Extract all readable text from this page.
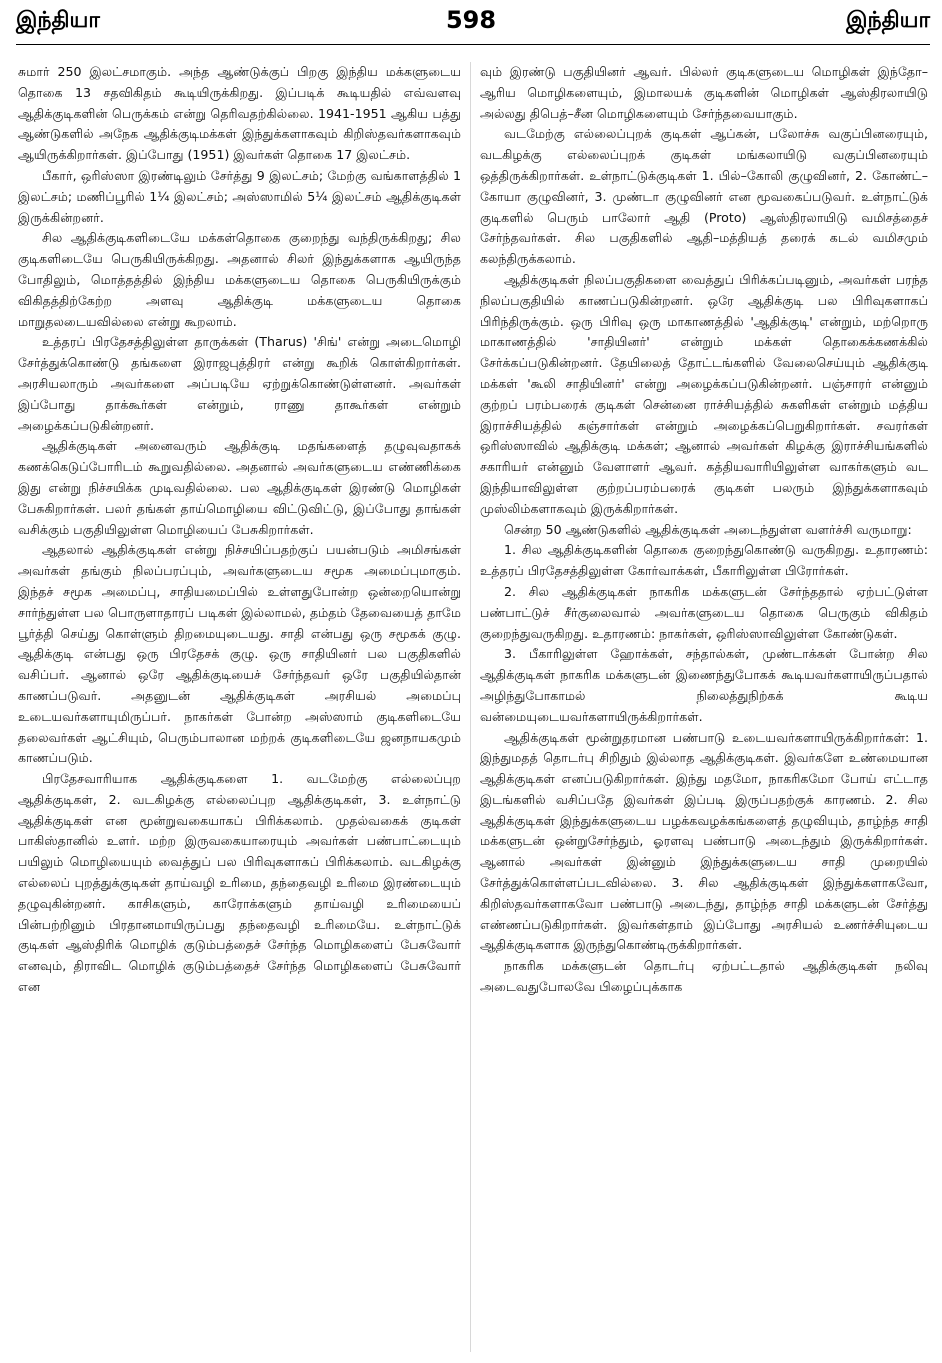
இந்தியா	598	இந்தியா

சுமார் 250 இலட்சமாகும். அந்த ஆண்டுக்குப் பிறகு இந்திய மக்களுடைய தொகை 13 சதவிகிதம் கூடியிருக்கிறது. இப்படிக் கூடியதில் எவ்வளவு ஆதிக்குடிகளின் பெருக்கம் என்று தெரிவதற்கில்லை. 1941-1951 ஆகிய பத்து ஆண்டுகளில் அநேக ஆதிக்குடிமக்கள் இந்துக்களாகவும் கிறிஸ்தவர்களாகவும் ஆயிருக்கிறார்கள். இப்போது (1951) இவர்கள் தொகை 17 இலட்சம்.

பீகார், ஒரிஸ்ஸா இரண்டிலும் சேர்த்து 9 இலட்சம்; மேற்கு வங்காளத்தில் 1 இலட்சம்; மணிப்பூரில் 1¼ இலட்சம்; அஸ்ஸாமில் 5¼ இலட்சம் ஆதிக்குடிகள் இருக்கின்றனர்.

சில ஆதிக்குடிகளிடையே மக்கள்தொகை குறைந்து வந்திருக்கிறது; சில குடிகளிடையே பெருகியிருக்கிறது. அதனால் சிலர் இந்துக்களாக ஆயிருந்த போதிலும், மொத்தத்தில் இந்திய மக்களுடைய தொகை பெருகியிருக்கும் விகிதத்திற்கேற்ற அளவு ஆதிக்குடி மக்களுடைய தொகை மாறுதலடையவில்லை என்று கூறலாம்.

உத்தரப் பிரதேசத்திலுள்ள தாருக்கள் (Tharus) 'சிங்' என்று அடைமொழி சேர்த்துக்கொண்டு தங்களை இராஜபுத்திரர் என்று கூறிக் கொள்கிறார்கள். அரசியலாரும் அவர்களை அப்படியே ஏற்றுக்கொண்டுள்ளனர். அவர்கள் இப்போது தாக்கூர்கள் என்றும், ராணு தாகூர்கள் என்றும் அழைக்கப்படுகின்றனர்.

ஆதிக்குடிகள் அனைவரும் ஆதிக்குடி மதங்களைத் தழுவுவதாகக் கணக்கெடுப்போரிடம் கூறுவதில்லை. அதனால் அவர்களுடைய எண்ணிக்கை இது என்று நிச்சயிக்க முடிவதில்லை. பல ஆதிக்குடிகள் இரண்டு மொழிகள் பேசுகிறார்கள். பலர் தங்கள் தாய்மொழியை விட்டுவிட்டு, இப்போது தாங்கள் வசிக்கும் பகுதியிலுள்ள மொழியைப் பேசுகிறார்கள்.

ஆதலால் ஆதிக்குடிகள் என்று நிச்சயிப்பதற்குப் பயன்படும் அமிசங்கள் அவர்கள் தங்கும் நிலப்பரப்பும், அவர்களுடைய சமூக அமைப்புமாகும். இந்தச் சமூக அமைப்பு, சாதியமைப்பில் உள்ளதுபோன்ற ஒன்றையொன்று சார்ந்துள்ள பல பொருளாதாரப் படிகள் இல்லாமல், தம்தம் தேவையைத் தாமே பூர்த்தி செய்து கொள்ளும் திறமையுடையது. சாதி என்பது ஒரு சமூகக் குழு. ஆதிக்குடி என்பது ஒரு பிரதேசக் குழு. ஒரு சாதியினர் பல பகுதிகளில் வசிப்பர். ஆனால் ஒரே ஆதிக்குடியைச் சேர்ந்தவர் ஒரே பகுதியில்தான் காணப்படுவர். அதனுடன் ஆதிக்குடிகள் அரசியல் அமைப்பு உடையவர்களாயுமிருப்பர். நாகர்கள் போன்ற அஸ்ஸாம் குடிகளிடையே தலைவர்கள் ஆட்சியும், பெரும்பாலான மற்றக் குடிகளிடையே ஜனநாயகமும் காணப்படும்.

பிரதேசவாரியாக ஆதிக்குடிகளை 1. வடமேற்கு எல்லைப்புற ஆதிக்குடிகள், 2. வடகிழக்கு எல்லைப்புற ஆதிக்குடிகள், 3. உள்நாட்டு ஆதிக்குடிகள் என மூன்றுவகையாகப் பிரிக்கலாம். முதல்வகைக் குடிகள் பாகிஸ்தானில் உளர். மற்ற இருவகையாரையும் அவர்கள் பண்பாட்டையும் பயிலும் மொழியையும் வைத்துப் பல பிரிவுகளாகப் பிரிக்கலாம். வடகிழக்கு எல்லைப் புறத்துக்குடிகள் தாய்வழி உரிமை, தந்தைவழி உரிமை இரண்டையும் தழுவுகின்றனர். காசிகளும், காரோக்களும் தாய்வழி உரிமையைப் பின்பற்றினும் பிரதானமாயிருப்பது தந்தைவழி உரிமையே. உள்நாட்டுக் குடிகள் ஆஸ்திரிக் மொழிக் குடும்பத்தைச் சேர்ந்த மொழிகளைப் பேசுவோர் எனவும், திராவிட மொழிக் குடும்பத்தைச் சேர்ந்த மொழிகளைப் பேசுவோர் என

வும் இரண்டு பகுதியினர் ஆவர். பில்லர் குடிகளுடைய மொழிகள் இந்தோ–ஆரிய மொழிகளையும், இமாலயக் குடிகளின் மொழிகள் ஆஸ்திரலாயிடு அல்லது திபெத்–சீன மொழிகளையும் சேர்ந்தவையாகும்.

வடமேற்கு எல்லைப்புறக் குடிகள் ஆப்கன், பலோச்சு வகுப்பினரையும், வடகிழக்கு எல்லைப்புறக் குடிகள் மங்கலாயிடு வகுப்பினரையும் ஒத்திருக்கிறார்கள். உள்நாட்டுக்குடிகள் 1. பில்–கோலி குழுவினர், 2. கோண்ட்–கோயா குழுவினர், 3. முண்டா குழுவினர் என மூவகைப்படுவர். உள்நாட்டுக் குடிகளில் பெரும் பாலோர் ஆதி (Proto) ஆஸ்திரலாயிடு வமிசத்தைச் சேர்ந்தவர்கள். சில பகுதிகளில் ஆதி–மத்தியத் தரைக் கடல் வமிசமும் கலந்திருக்கலாம்.

ஆதிக்குடிகள் நிலப்பகுதிகளை வைத்துப் பிரிக்கப்படினும், அவர்கள் பரந்த நிலப்பகுதியில் காணப்படுகின்றனர். ஒரே ஆதிக்குடி பல பிரிவுகளாகப் பிரிந்திருக்கும். ஒரு பிரிவு ஒரு மாகாணத்தில் 'ஆதிக்குடி' என்றும், மற்றொரு மாகாணத்தில் 'சாதியினர்' என்றும் மக்கள் தொகைக்கணக்கில் சேர்க்கப்படுகின்றனர். தேயிலைத் தோட்டங்களில் வேலைசெய்யும் ஆதிக்குடி மக்கள் 'கூலி சாதியினர்' என்று அழைக்கப்படுகின்றனர். பஞ்சாரர் என்னும் குற்றப் பரம்பரைக் குடிகள் சென்னை ராச்சியத்தில் சுகளிகள் என்றும் மத்திய இராச்சியத்தில் கஞ்சார்கள் என்றும் அழைக்கப்பெறுகிறார்கள். சவரர்கள் ஒரிஸ்ஸாவில் ஆதிக்குடி மக்கள்; ஆனால் அவர்கள் கிழக்கு இராச்சியங்களில் சகாரியர் என்னும் வேளாளர் ஆவர். கத்தியவாரியிலுள்ள வாகர்களும் வட இந்தியாவிலுள்ள குற்றப்பரம்பரைக் குடிகள் பலரும் இந்துக்களாகவும் முஸ்லிம்களாகவும் இருக்கிறார்கள்.

சென்ற 50 ஆண்டுகளில் ஆதிக்குடிகள் அடைந்துள்ள வளர்ச்சி வருமாறு:

1. சில ஆதிக்குடிகளின் தொகை குறைந்துகொண்டு வருகிறது. உதாரணம்: உத்தரப் பிரதேசத்திலுள்ள கோர்வாக்கள், பீகாரிலுள்ள பிரோர்கள்.

2. சில ஆதிக்குடிகள் நாகரிக மக்களுடன் சேர்ந்ததால் ஏற்பட்டுள்ள பண்பாட்டுச் சீர்குலைவால் அவர்களுடைய தொகை பெருகும் விகிதம் குறைந்துவருகிறது. உதாரணம்: நாகர்கள், ஒரிஸ்ஸாவிலுள்ள கோண்டுகள்.

3. பீகாரிலுள்ள ஹோக்கள், சந்தால்கள், முண்டாக்கள் போன்ற சில ஆதிக்குடிகள் நாகரிக மக்களுடன் இணைந்துபோகக் கூடியவர்களாயிருப்பதால் அழிந்துபோகாமல் நிலைத்துநிற்கக் கூடிய வன்மையுடையவர்களாயிருக்கிறார்கள்.

ஆதிக்குடிகள் மூன்றுதரமான பண்பாடு உடையவர்களாயிருக்கிறார்கள்: 1. இந்துமதத் தொடர்பு சிறிதும் இல்லாத ஆதிக்குடிகள். இவர்களே உண்மையான ஆதிக்குடிகள் எனப்படுகிறார்கள். இந்து மதமோ, நாகரிகமோ போய் எட்டாத இடங்களில் வசிப்பதே இவர்கள் இப்படி இருப்பதற்குக் காரணம். 2. சில ஆதிக்குடிகள் இந்துக்களுடைய பழக்கவழக்கங்களைத் தழுவியும், தாழ்ந்த சாதி மக்களுடன் ஒன்றுசேர்ந்தும், ஓரளவு பண்பாடு அடைந்தும் இருக்கிறார்கள். ஆனால் அவர்கள் இன்னும் இந்துக்களுடைய சாதி முறையில் சேர்த்துக்கொள்ளப்படவில்லை. 3. சில ஆதிக்குடிகள் இந்துக்களாகவோ, கிறிஸ்தவர்களாகவோ பண்பாடு அடைந்து, தாழ்ந்த சாதி மக்களுடன் சேர்த்து எண்ணப்படுகிறார்கள். இவர்கள்தாம் இப்போது அரசியல் உணர்ச்சியுடைய ஆதிக்குடிகளாக இருந்துகொண்டிருக்கிறார்கள்.

நாகரிக மக்களுடன் தொடர்பு ஏற்பட்டதால் ஆதிக்குடிகள் நலிவு அடைவதுபோலவே பிழைப்புக்காக
